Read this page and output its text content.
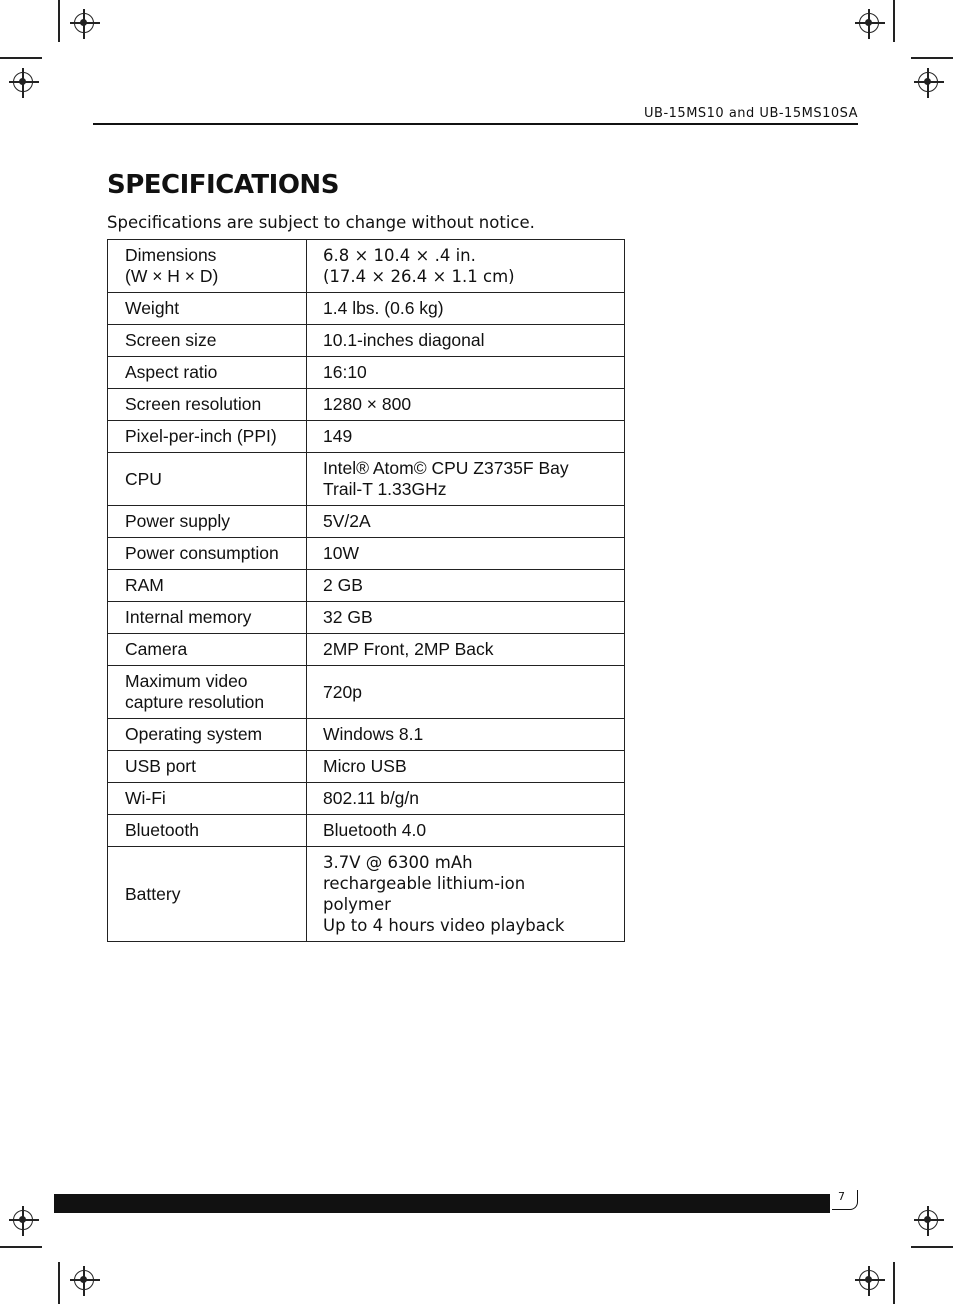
UB-15MS10 and UB-15MS10SA
SPECIFICATIONS

Specifications are subject to change without notice.

Dimensions
(W × H × D)	6.8 × 10.4 × .4 in.
(17.4 × 26.4 × 1.1 cm)
Weight	1.4 lbs. (0.6 kg)
Screen size	10.1-inches diagonal
Aspect ratio	16:10
Screen resolution	1280 × 800
Pixel-per-inch (PPI)	149
CPU	Intel® Atom© CPU Z3735F Bay
Trail-T 1.33GHz
Power supply	5V/2A
Power consumption	10W
RAM	2 GB
Internal memory	32 GB
Camera	2MP Front, 2MP Back
Maximum video
capture resolution	720p
Operating system	Windows 8.1
USB port	Micro USB
Wi-Fi	802.11 b/g/n
Bluetooth	Bluetooth 4.0
Battery	3.7V @ 6300 mAh
rechargeable lithium-ion
polymer
Up to 4 hours video playback
7
